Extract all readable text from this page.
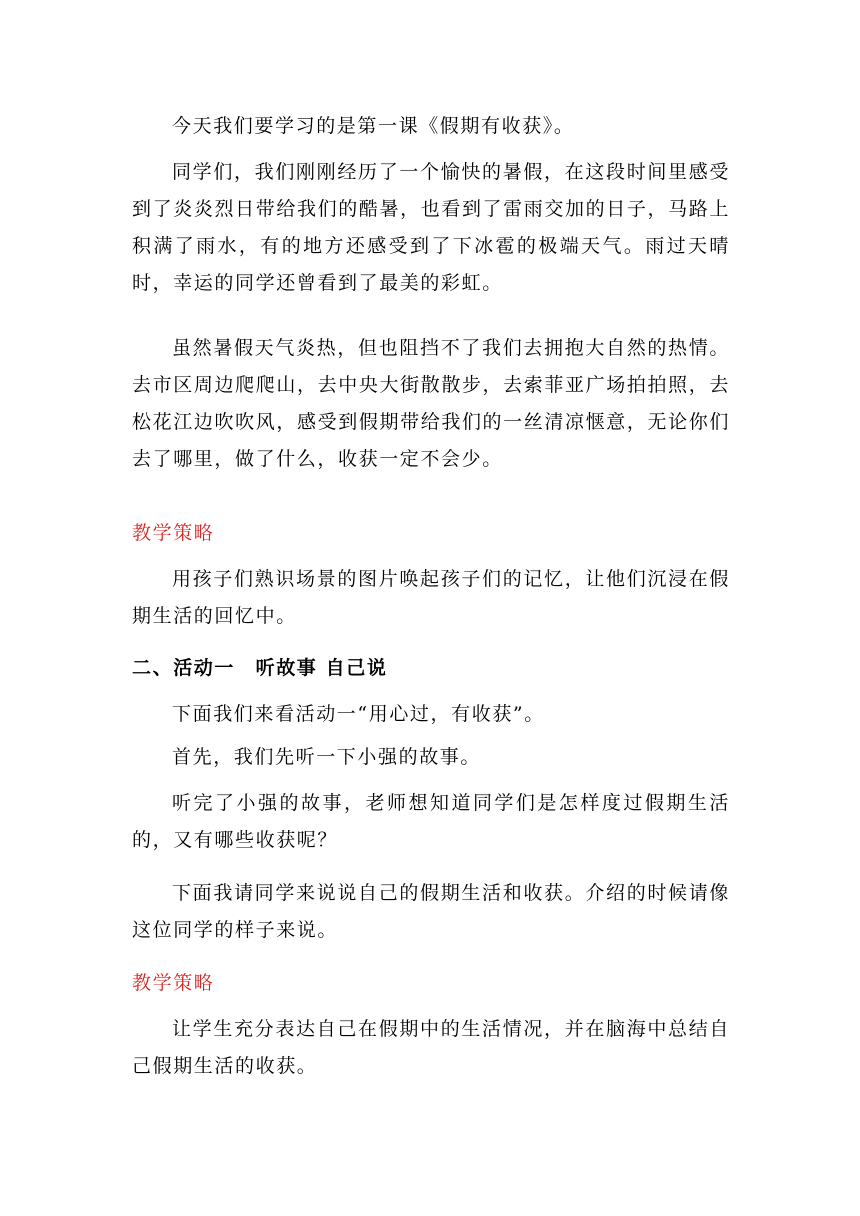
今天我们要学习的是第一课《假期有收获》。

同学们，我们刚刚经历了一个愉快的暑假，在这段时间里感受到了炎炎烈日带给我们的酷暑，也看到了雷雨交加的日子，马路上积满了雨水，有的地方还感受到了下冰雹的极端天气。雨过天晴时，幸运的同学还曾看到了最美的彩虹。

虽然暑假天气炎热，但也阻挡不了我们去拥抱大自然的热情。去市区周边爬爬山，去中央大街散散步，去索菲亚广场拍拍照，去松花江边吹吹风，感受到假期带给我们的一丝清凉惬意，无论你们去了哪里，做了什么，收获一定不会少。

教学策略

用孩子们熟识场景的图片唤起孩子们的记忆，让他们沉浸在假期生活的回忆中。

二、活动一　听故事 自己说

下面我们来看活动一“用心过，有收获”。

首先，我们先听一下小强的故事。

听完了小强的故事，老师想知道同学们是怎样度过假期生活的，又有哪些收获呢？

下面我请同学来说说自己的假期生活和收获。介绍的时候请像这位同学的样子来说。

教学策略

让学生充分表达自己在假期中的生活情况，并在脑海中总结自己假期生活的收获。
